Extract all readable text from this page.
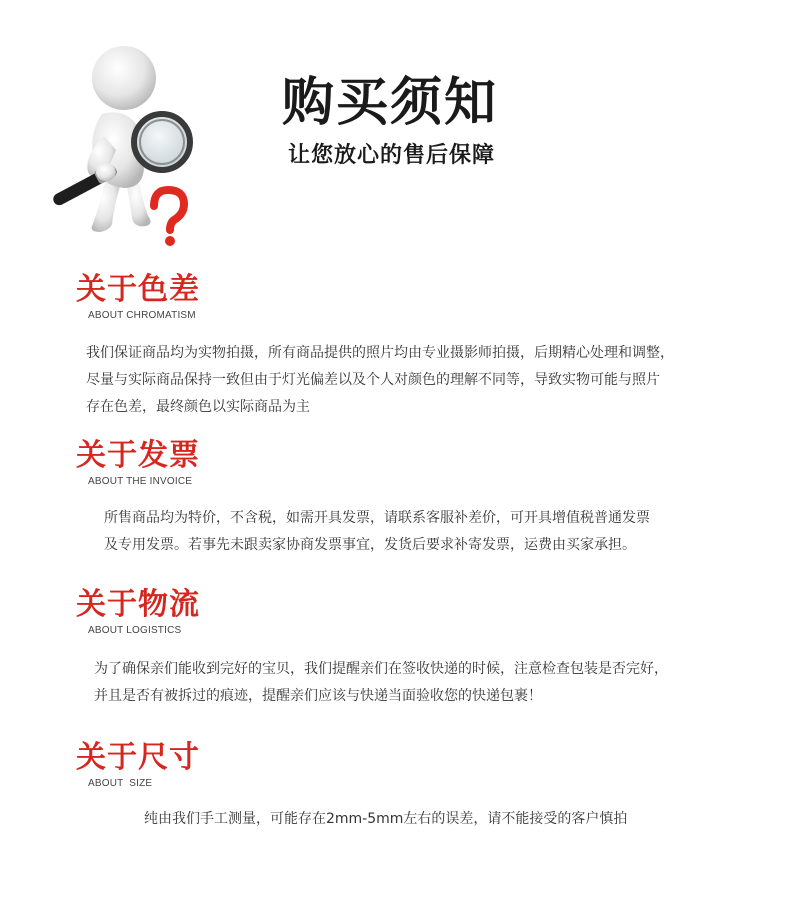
购买须知
让您放心的售后保障
关于色差
ABOUT CHROMATISM

我们保证商品均为实物拍摄，所有商品提供的照片均由专业摄影师拍摄，后期精心处理和调整，

尽量与实际商品保持一致但由于灯光偏差以及个人对颜色的理解不同等，导致实物可能与照片

存在色差，最终颜色以实际商品为主

关于发票
ABOUT THE INVOICE

所售商品均为特价，不含税，如需开具发票，请联系客服补差价，可开具增值税普通发票

及专用发票。若事先未跟卖家协商发票事宜，发货后要求补寄发票，运费由买家承担。

关于物流
ABOUT LOGISTICS

为了确保亲们能收到完好的宝贝，我们提醒亲们在签收快递的时候，注意检查包装是否完好，

并且是否有被拆过的痕迹，提醒亲们应该与快递当面验收您的快递包裹！

关于尺寸
ABOUT  SIZE

纯由我们手工测量，可能存在2mm-5mm左右的误差，请不能接受的客户慎拍
